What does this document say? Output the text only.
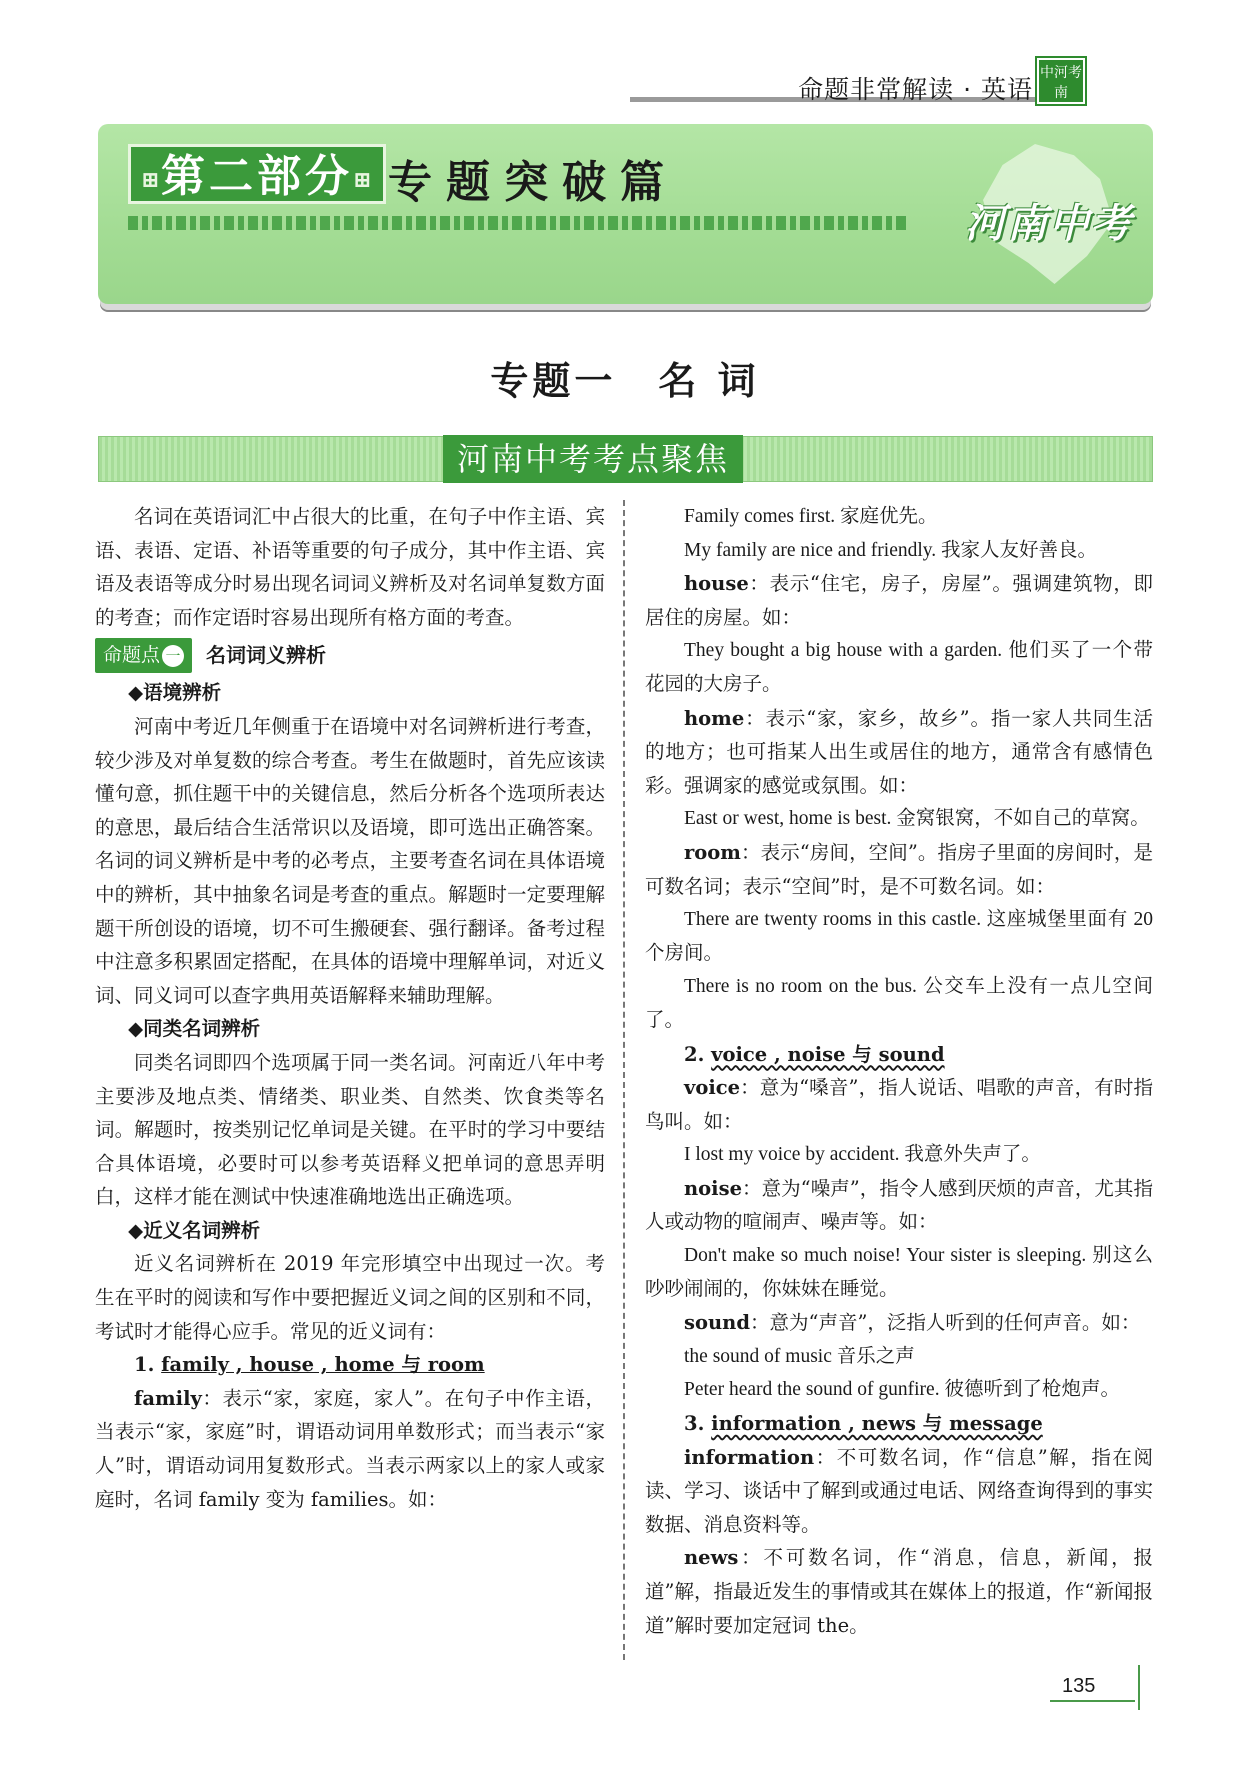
命题非常解读 · 英语
中河考南
⊞第二部分⊞ 专题突破篇
河南中考
专题一　名 词
河南中考考点聚焦

名词在英语词汇中占很大的比重，在句子中作主语、宾语、表语、定语、补语等重要的句子成分，其中作主语、宾语及表语等成分时易出现名词词义辨析及对名词单复数方面的考查；而作定语时容易出现所有格方面的考查。

命题点 一	名词词义辨析

◆语境辨析

河南中考近几年侧重于在语境中对名词辨析进行考查，较少涉及对单复数的综合考查。考生在做题时，首先应该读懂句意，抓住题干中的关键信息，然后分析各个选项所表达的意思，最后结合生活常识以及语境，即可选出正确答案。名词的词义辨析是中考的必考点，主要考查名词在具体语境中的辨析，其中抽象名词是考查的重点。解题时一定要理解题干所创设的语境，切不可生搬硬套、强行翻译。备考过程中注意多积累固定搭配，在具体的语境中理解单词，对近义词、同义词可以查字典用英语解释来辅助理解。

◆同类名词辨析

同类名词即四个选项属于同一类名词。河南近八年中考主要涉及地点类、情绪类、职业类、自然类、饮食类等名词。解题时，按类别记忆单词是关键。在平时的学习中要结合具体语境，必要时可以参考英语释义把单词的意思弄明白，这样才能在测试中快速准确地选出正确选项。

◆近义名词辨析

近义名词辨析在 2019 年完形填空中出现过一次。考生在平时的阅读和写作中要把握近义词之间的区别和不同，考试时才能得心应手。常见的近义词有：

1. family , house , home 与 room

family：表示“家，家庭，家人”。在句子中作主语，当表示“家，家庭”时，谓语动词用单数形式；而当表示“家人”时，谓语动词用复数形式。当表示两家以上的家人或家庭时，名词 family 变为 families。如：

Family comes first. 家庭优先。

My family are nice and friendly. 我家人友好善良。

house：表示“住宅，房子，房屋”。强调建筑物，即居住的房屋。如：

They bought a big house with a garden. 他们买了一个带花园的大房子。

home：表示“家，家乡，故乡”。指一家人共同生活的地方；也可指某人出生或居住的地方，通常含有感情色彩。强调家的感觉或氛围。如：

East or west, home is best. 金窝银窝，不如自己的草窝。

room：表示“房间，空间”。指房子里面的房间时，是可数名词；表示“空间”时，是不可数名词。如：

There are twenty rooms in this castle. 这座城堡里面有 20 个房间。

There is no room on the bus. 公交车上没有一点儿空间了。

2. voice , noise 与 sound

voice：意为“嗓音”，指人说话、唱歌的声音，有时指鸟叫。如：

I lost my voice by accident. 我意外失声了。

noise：意为“噪声”，指令人感到厌烦的声音，尤其指人或动物的喧闹声、噪声等。如：

Don't make so much noise! Your sister is sleeping. 别这么吵吵闹闹的，你妹妹在睡觉。

sound：意为“声音”，泛指人听到的任何声音。如：

the sound of music 音乐之声

Peter heard the sound of gunfire. 彼德听到了枪炮声。

3. information , news 与 message

information：不可数名词，作“信息”解，指在阅读、学习、谈话中了解到或通过电话、网络查询得到的事实数据、消息资料等。

news：不可数名词，作“消息，信息，新闻，报道”解，指最近发生的事情或其在媒体上的报道，作“新闻报道”解时要加定冠词 the。

135
